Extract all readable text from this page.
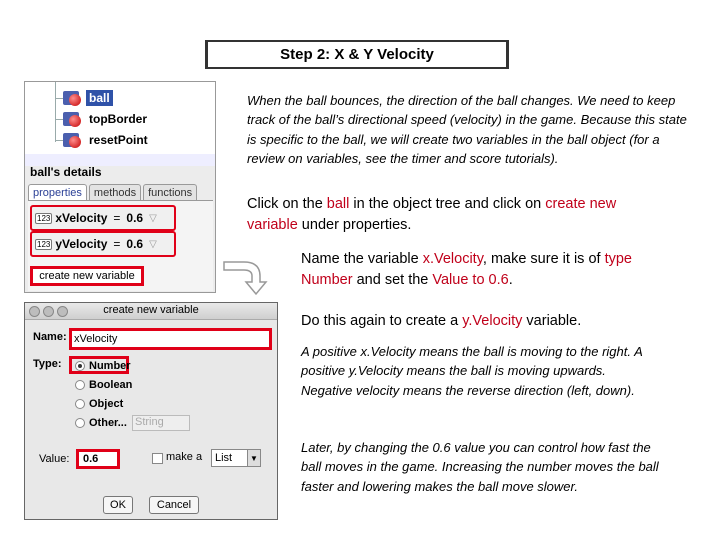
Step 2: X & Y Velocity
ball
topBorder
resetPoint
ball's details
properties	methods	functions
123 xVelocity = 0.6 ▽
123 yVelocity = 0.6 ▽
create new variable
create new variable
Name: xVelocity
Type: Number
Boolean
Object
Other... String
Value:	0.6	make a	List	▼
OK	Cancel
When the ball bounces, the direction of the ball changes. We need to keep track of the ball’s directional speed (velocity) in the game. Because this state is specific to the ball, we will create two variables in the ball object (for a review on variables, see the timer and score tutorials).
Click on the ball in the object tree and click on create new variable under properties.
Name the variable x.Velocity, make sure it is of type Number and set the Value to 0.6.
Do this again to create a y.Velocity variable.
A positive x.Velocity means the ball is moving to the right. A positive y.Velocity means the ball is moving upwards. Negative velocity means the reverse direction (left, down).
Later, by changing the 0.6 value you can control how fast the ball moves in the game. Increasing the number moves the ball faster and lowering makes the ball move slower.
